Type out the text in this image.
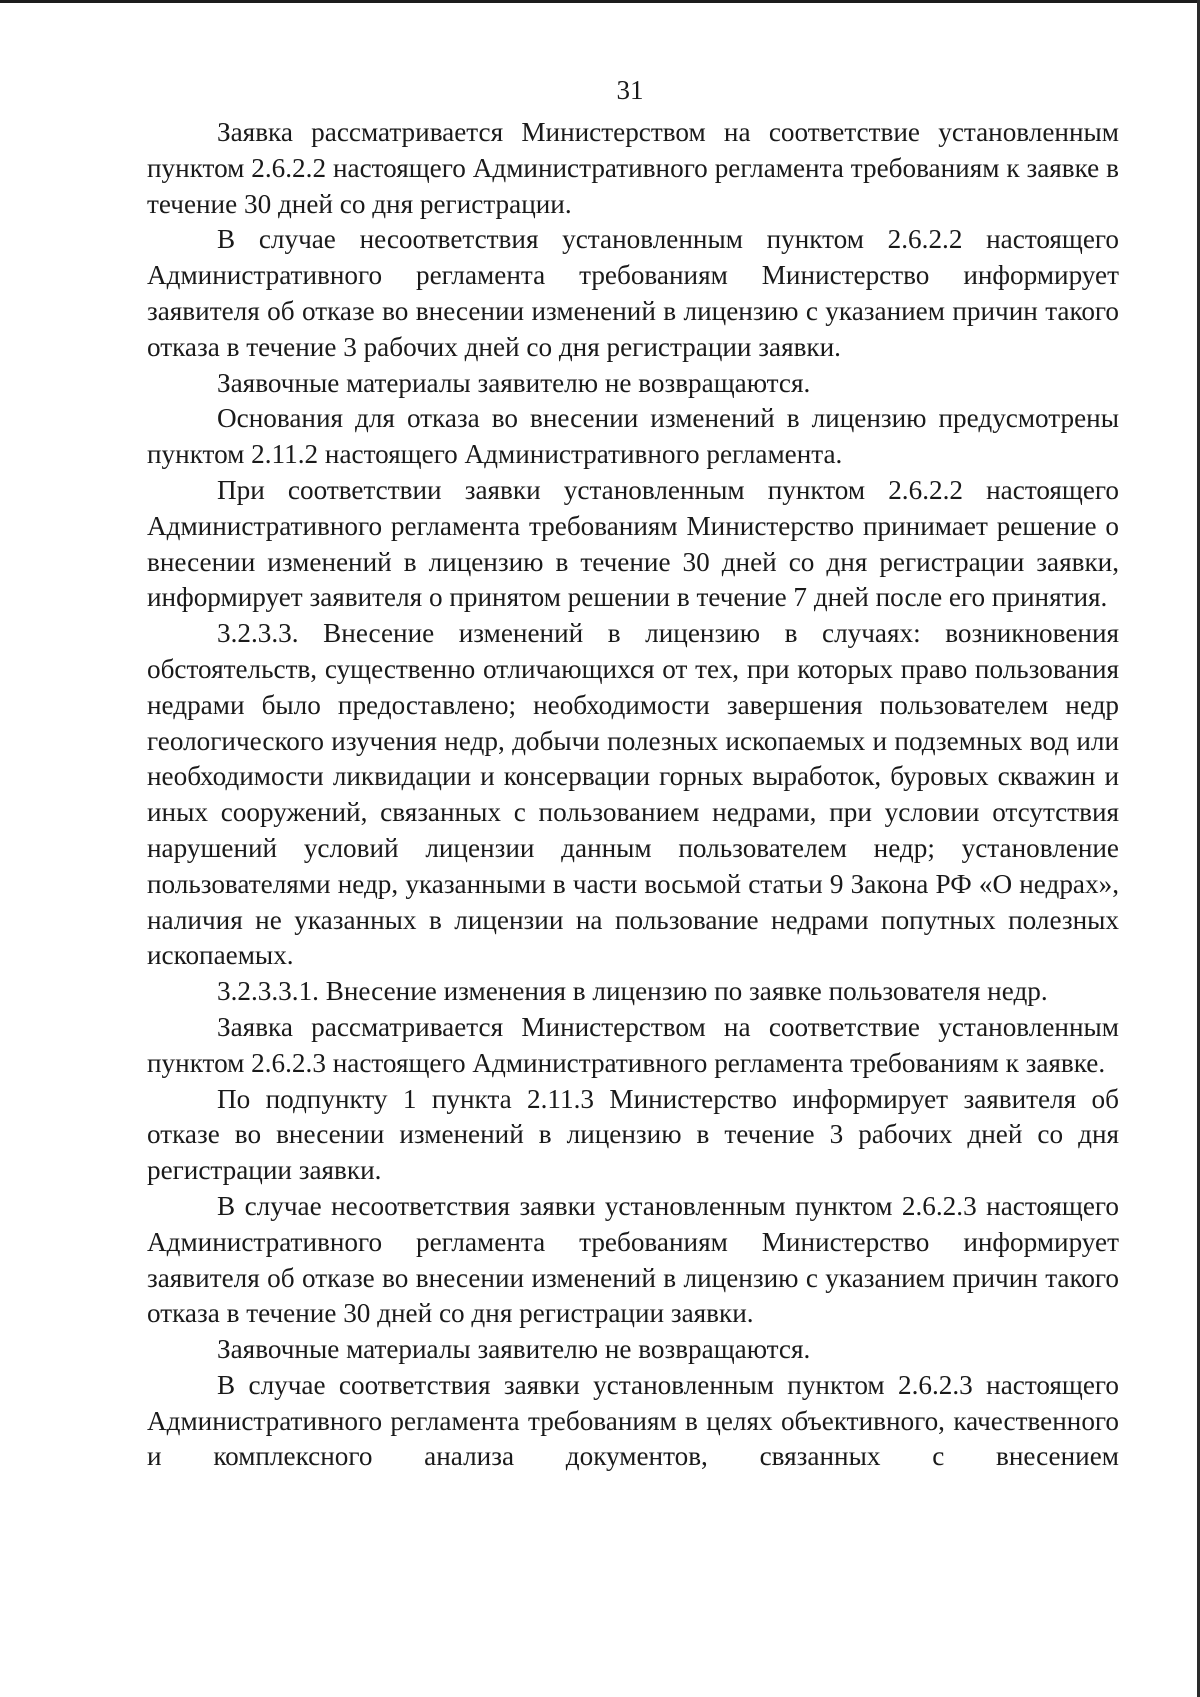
31

Заявка рассматривается Министерством на соответствие установленным пунктом 2.6.2.2 настоящего Административного регламента требованиям к заявке в течение 30 дней со дня регистрации.

В случае несоответствия установленным пунктом 2.6.2.2 настоящего Административного регламента требованиям Министерство информирует заявителя об отказе во внесении изменений в лицензию с указанием причин такого отказа в течение 3 рабочих дней со дня регистрации заявки.

Заявочные материалы заявителю не возвращаются.

Основания для отказа во внесении изменений в лицензию предусмотрены пунктом 2.11.2 настоящего Административного регламента.

При соответствии заявки установленным пунктом 2.6.2.2 настоящего Административного регламента требованиям Министерство принимает решение о внесении изменений в лицензию в течение 30 дней со дня регистрации заявки, информирует заявителя о принятом решении в течение 7 дней после его принятия.

3.2.3.3. Внесение изменений в лицензию в случаях: возникновения обстоятельств, существенно отличающихся от тех, при которых право пользования недрами было предоставлено; необходимости завершения пользователем недр геологического изучения недр, добычи полезных ископаемых и подземных вод или необходимости ликвидации и консервации горных выработок, буровых скважин и иных сооружений, связанных с пользованием недрами, при условии отсутствия нарушений условий лицензии данным пользователем недр; установление пользователями недр, указанными в части восьмой статьи 9 Закона РФ «О недрах», наличия не указанных в лицензии на пользование недрами попутных полезных ископаемых.

3.2.3.3.1. Внесение изменения в лицензию по заявке пользователя недр.

Заявка рассматривается Министерством на соответствие установленным пунктом 2.6.2.3 настоящего Административного регламента требованиям к заявке.

По подпункту 1 пункта 2.11.3 Министерство информирует заявителя об отказе во внесении изменений в лицензию в течение 3 рабочих дней со дня регистрации заявки.

В случае несоответствия заявки установленным пунктом 2.6.2.3 настоящего Административного регламента требованиям Министерство информирует заявителя об отказе во внесении изменений в лицензию с указанием причин такого отказа в течение 30 дней со дня регистрации заявки.

Заявочные материалы заявителю не возвращаются.

В случае соответствия заявки установленным пунктом 2.6.2.3 настоящего Административного регламента требованиям в целях объективного, качественного и комплексного анализа документов, связанных с внесением
